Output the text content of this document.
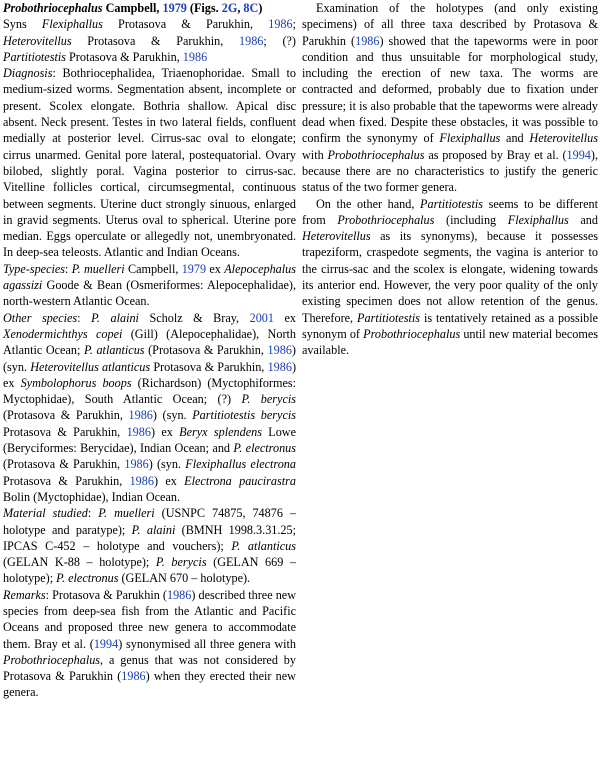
Probothriocephalus Campbell, 1979 (Figs. 2G, 8C)

Syns Flexiphallus Protasova & Parukhin, 1986; Heterovitellus Protasova & Parukhin, 1986; (?) Partitiotestis Protasova & Parukhin, 1986

Diagnosis: Bothriocephalidea, Triaenophoridae. Small to medium-sized worms. Segmentation absent, incomplete or present. Scolex elongate. Bothria shallow. Apical disc absent. Neck present. Testes in two lateral fields, confluent medially at posterior level. Cirrus-sac oval to elongate; cirrus unarmed. Genital pore lateral, postequatorial. Ovary bilobed, slightly poral. Vagina posterior to cirrus-sac. Vitelline follicles cortical, circumsegmental, continuous between segments. Uterine duct strongly sinuous, enlarged in gravid segments. Uterus oval to spherical. Uterine pore median. Eggs operculate or allegedly not, unembryonated. In deep-sea teleosts. Atlantic and Indian Oceans.

Type-species: P. muelleri Campbell, 1979 ex Alepocephalus agassizi Goode & Bean (Osmeriformes: Alepocephalidae), north-western Atlantic Ocean.

Other species: P. alaini Scholz & Bray, 2001 ex Xenodermichthys copei (Gill) (Alepocephalidae), North Atlantic Ocean; P. atlanticus (Protasova & Parukhin, 1986) (syn. Heterovitellus atlanticus Protasova & Parukhin, 1986) ex Symbolophorus boops (Richardson) (Myctophiformes: Myctophidae), South Atlantic Ocean; (?) P. berycis (Protasova & Parukhin, 1986) (syn. Partitiotestis berycis Protasova & Parukhin, 1986) ex Beryx splendens Lowe (Beryciformes: Berycidae), Indian Ocean; and P. electronus (Protasova & Parukhin, 1986) (syn. Flexiphallus electrona Protasova & Parukhin, 1986) ex Electrona paucirastra Bolin (Myctophidae), Indian Ocean.

Material studied: P. muelleri (USNPC 74875, 74876 – holotype and paratype); P. alaini (BMNH 1998.3.31.25; IPCAS C-452 – holotype and vouchers); P. atlanticus (GELAN K-88 – holotype); P. berycis (GELAN 669 – holotype); P. electronus (GELAN 670 – holotype).

Remarks: Protasova & Parukhin (1986) described three new species from deep-sea fish from the Atlantic and Pacific Oceans and proposed three new genera to accommodate them. Bray et al. (1994) synonymised all three genera with Probothriocephalus, a genus that was not considered by Protasova & Parukhin (1986) when they erected their new genera.

Examination of the holotypes (and only existing specimens) of all three taxa described by Protasova & Parukhin (1986) showed that the tapeworms were in poor condition and thus unsuitable for morphological study, including the erection of new taxa. The worms are contracted and deformed, probably due to fixation under pressure; it is also probable that the tapeworms were already dead when fixed. Despite these obstacles, it was possible to confirm the synonymy of Flexiphallus and Heterovitellus with Probothriocephalus as proposed by Bray et al. (1994), because there are no characteristics to justify the generic status of the two former genera.

On the other hand, Partitiotestis seems to be different from Probothriocephalus (including Flexiphallus and Heterovitellus as its synonyms), because it possesses trapeziform, craspedote segments, the vagina is anterior to the cirrus-sac and the scolex is elongate, widening towards its anterior end. However, the very poor quality of the only existing specimen does not allow retention of the genus. Therefore, Partitiotestis is tentatively retained as a possible synonym of Probothriocephalus until new material becomes available.
